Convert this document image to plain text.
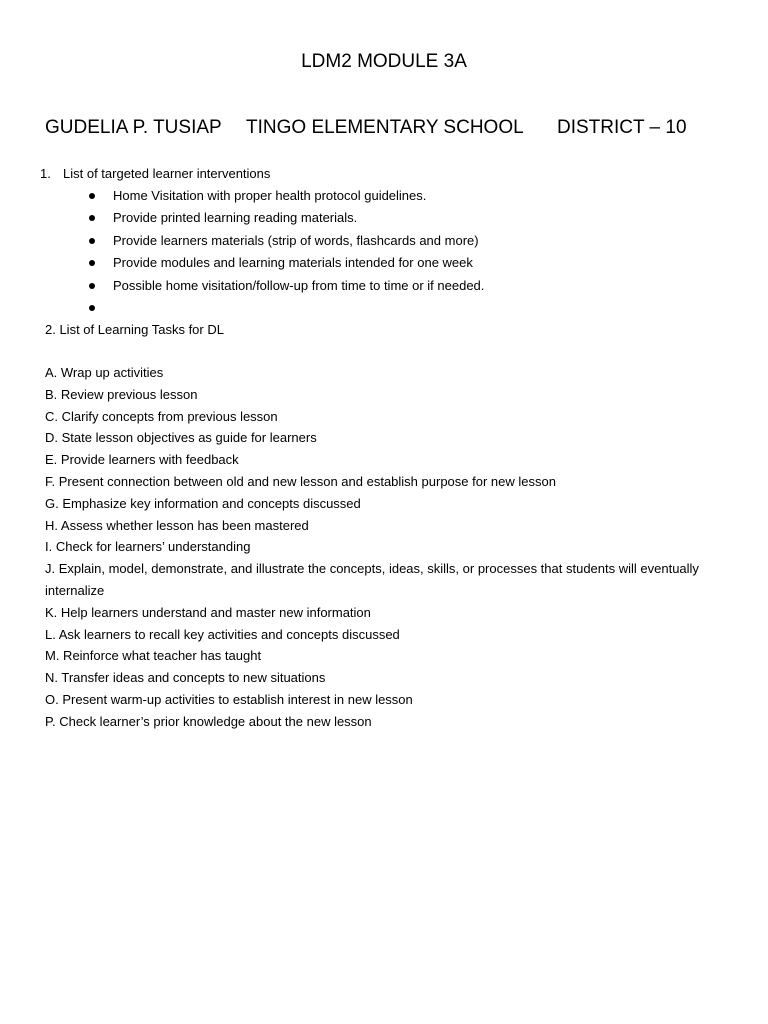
LDM2 MODULE 3A
GUDELIA P. TUSIAP TINGO ELEMENTARY SCHOOL DISTRICT – 10
1. List of targeted learner interventions
Home Visitation with proper health protocol guidelines.
Provide printed learning reading materials.
Provide learners materials (strip of words, flashcards and more)
Provide modules and learning materials intended for one week
Possible home visitation/follow-up from time to time or if needed.
2. List of Learning Tasks for DL
A. Wrap up activities
B. Review previous lesson
C. Clarify concepts from previous lesson
D. State lesson objectives as guide for learners
E. Provide learners with feedback
F. Present connection between old and new lesson and establish purpose for new lesson
G. Emphasize key information and concepts discussed
H. Assess whether lesson has been mastered
I. Check for learners’ understanding
J. Explain, model, demonstrate, and illustrate the concepts, ideas, skills, or processes that students will eventually internalize
K. Help learners understand and master new information
L. Ask learners to recall key activities and concepts discussed
M. Reinforce what teacher has taught
N. Transfer ideas and concepts to new situations
O. Present warm-up activities to establish interest in new lesson
P. Check learner’s prior knowledge about the new lesson
